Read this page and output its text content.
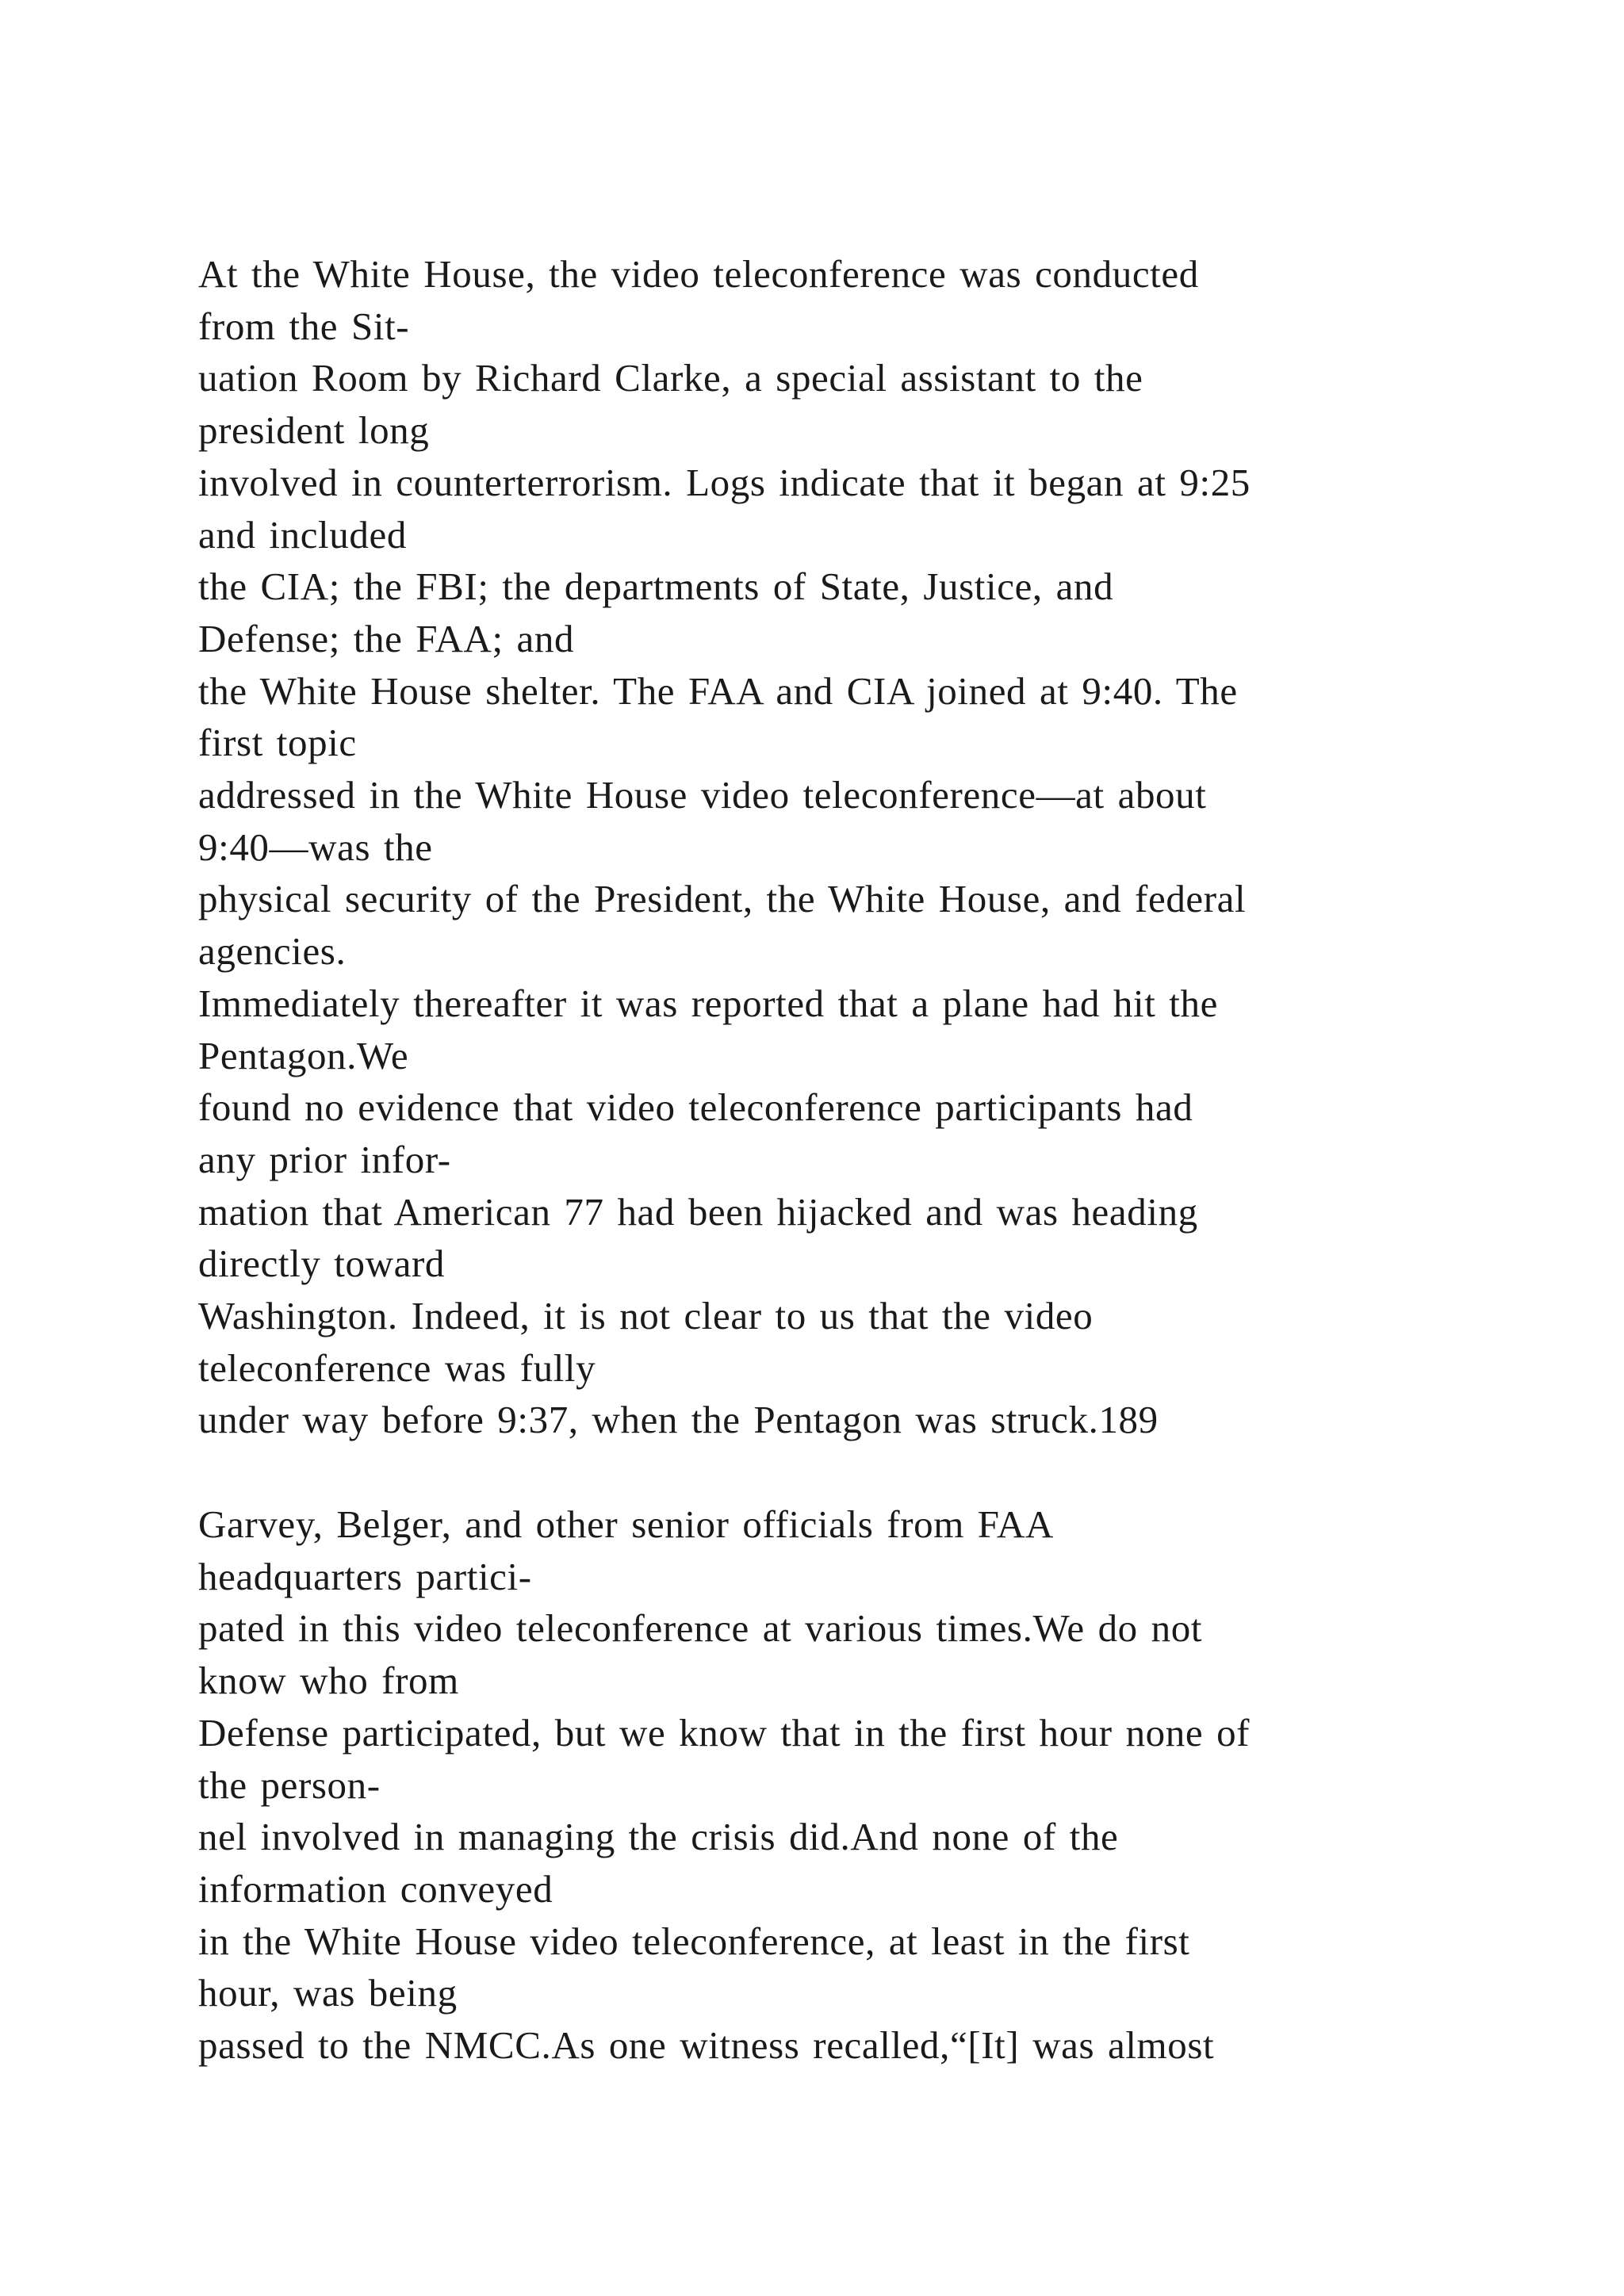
At the White House, the video teleconference was conducted
from the Sit-
uation Room by Richard Clarke, a special assistant to the
president long
involved in counterterrorism. Logs indicate that it began at 9:25
and included
the CIA; the FBI; the departments of State, Justice, and
Defense; the FAA; and
the White House shelter. The FAA and CIA joined at 9:40. The
first topic
addressed in the White House video teleconference—at about
9:40—was the
physical security of the President, the White House, and federal
agencies.
Immediately thereafter it was reported that a plane had hit the
Pentagon.We
found no evidence that video teleconference participants had
any prior infor-
mation that American 77 had been hijacked and was heading
directly toward
Washington. Indeed, it is not clear to us that the video
teleconference was fully
under way before 9:37, when the Pentagon was struck.189
Garvey, Belger, and other senior officials from FAA
headquarters partici-
pated in this video teleconference at various times.We do not
know who from
Defense participated, but we know that in the first hour none of
the person-
nel involved in managing the crisis did.And none of the
information conveyed
in the White House video teleconference, at least in the first
hour, was being
passed to the NMCC.As one witness recalled,“[It] was almost
